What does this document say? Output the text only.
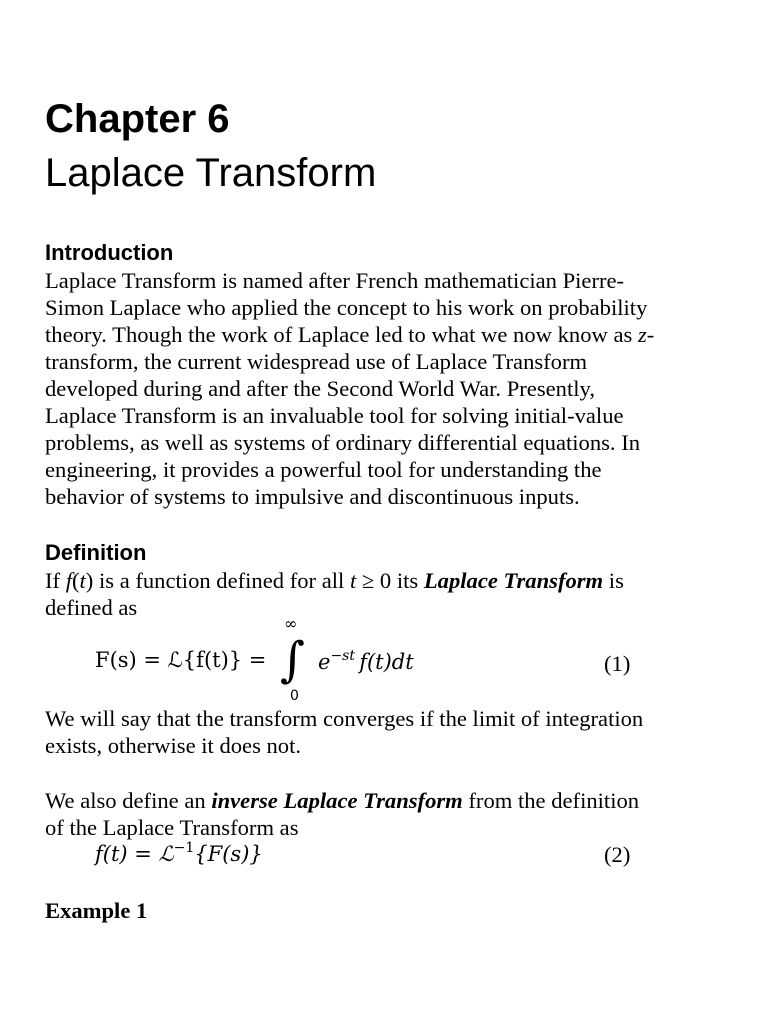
Chapter 6
Laplace Transform
Introduction
Laplace Transform is named after French mathematician Pierre-
Simon Laplace who applied the concept to his work on probability
theory. Though the work of Laplace led to what we now know as z-
transform, the current widespread use of Laplace Transform
developed during and after the Second World War. Presently,
Laplace Transform is an invaluable tool for solving initial-value
problems, as well as systems of ordinary differential equations. In
engineering, it provides a powerful tool for understanding the
behavior of systems to impulsive and discontinuous inputs.
Definition
If f(t) is a function defined for all t ≥ 0 its Laplace Transform is
defined as
F(s) = ℒ{f(t)} =
∞
∫
0
$e^{-st}$  f(t)dt	(1)
We will say that the transform converges if the limit of integration
exists, otherwise it does not.
We also define an inverse Laplace Transform from the definition
of the Laplace Transform as
f(t) = ℒ$^{-1}${F(s)}	(2)
Example 1
